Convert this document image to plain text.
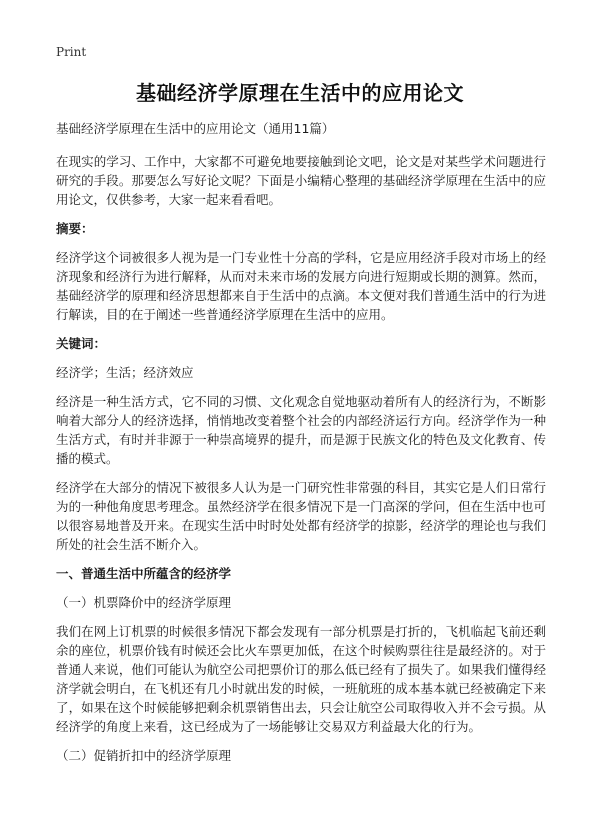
Print
基础经济学原理在生活中的应用论文

基础经济学原理在生活中的应用论文（通用11篇）

在现实的学习、工作中，大家都不可避免地要接触到论文吧，论文是对某些学术问题进行研究的手段。那要怎么写好论文呢？下面是小编精心整理的基础经济学原理在生活中的应用论文，仅供参考，大家一起来看看吧。

摘要：

经济学这个词被很多人视为是一门专业性十分高的学科，它是应用经济手段对市场上的经济现象和经济行为进行解释，从而对未来市场的发展方向进行短期或长期的测算。然而，基础经济学的原理和经济思想都来自于生活中的点滴。本文便对我们普通生活中的行为进行解读，目的在于阐述一些普通经济学原理在生活中的应用。

关键词：

经济学；生活；经济效应

经济是一种生活方式，它不同的习惯、文化观念自觉地驱动着所有人的经济行为，不断影响着大部分人的经济选择，悄悄地改变着整个社会的内部经济运行方向。经济学作为一种生活方式，有时并非源于一种崇高境界的提升，而是源于民族文化的特色及文化教育、传播的模式。

经济学在大部分的情况下被很多人认为是一门研究性非常强的科目，其实它是人们日常行为的一种他角度思考理念。虽然经济学在很多情况下是一门高深的学问，但在生活中也可以很容易地普及开来。在现实生活中时时处处都有经济学的掠影，经济学的理论也与我们所处的社会生活不断介入。

一、普通生活中所蕴含的经济学

（一）机票降价中的经济学原理

我们在网上订机票的时候很多情况下都会发现有一部分机票是打折的，飞机临起飞前还剩余的座位，机票价钱有时候还会比火车票更加低，在这个时候购票往往是最经济的。对于普通人来说，他们可能认为航空公司把票价订的那么低已经有了损失了。如果我们懂得经济学就会明白，在飞机还有几小时就出发的时候，一班航班的成本基本就已经被确定下来了，如果在这个时候能够把剩余机票销售出去，只会让航空公司取得收入并不会亏损。从经济学的角度上来看，这已经成为了一场能够让交易双方利益最大化的行为。

（二）促销折扣中的经济学原理
